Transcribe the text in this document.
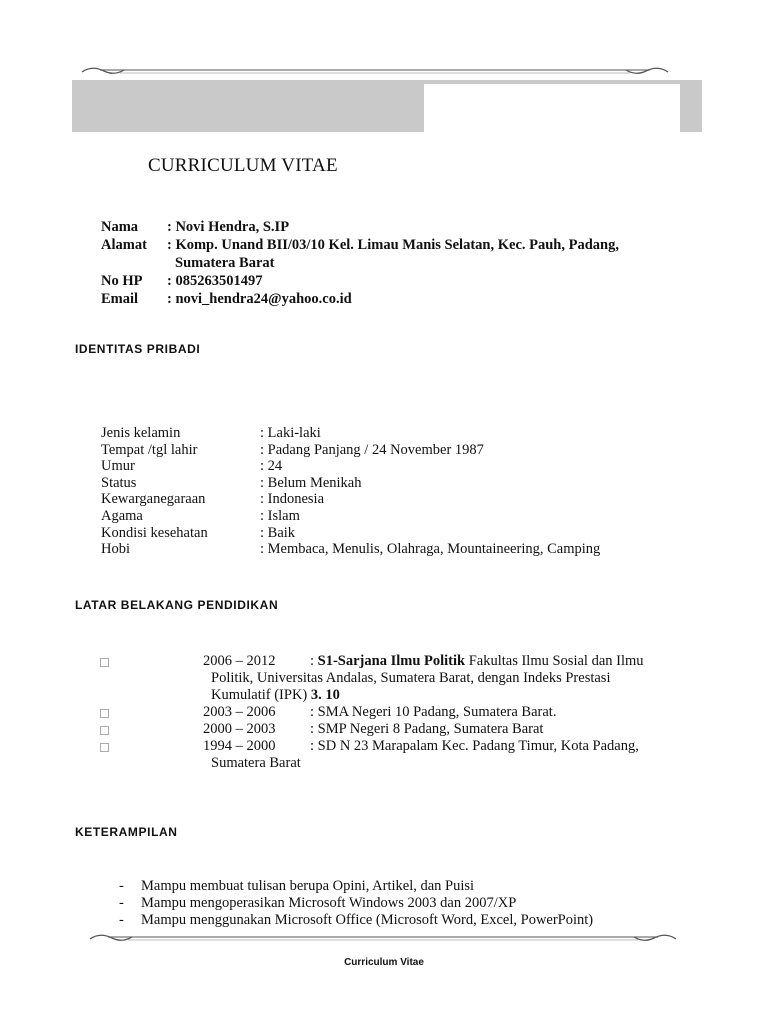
CURRICULUM VITAE
Nama	: Novi Hendra, S.IP
Alamat	: Komp. Unand BII/03/10 Kel. Limau Manis Selatan, Kec. Pauh, Padang,
Sumatera Barat
No HP	: 085263501497
Email	: novi_hendra24@yahoo.co.id
IDENTITAS PRIBADI
Jenis kelamin	: Laki-laki
Tempat /tgl lahir	: Padang Panjang / 24 November 1987
Umur	: 24
Status	: Belum Menikah
Kewarganegaraan	: Indonesia
Agama	: Islam
Kondisi kesehatan	: Baik
Hobi	: Membaca, Menulis, Olahraga, Mountaineering, Camping
LATAR BELAKANG PENDIDIKAN
2006 – 2012	: S1-Sarjana Ilmu Politik Fakultas Ilmu Sosial dan Ilmu
Politik, Universitas Andalas, Sumatera Barat, dengan Indeks Prestasi
Kumulatif (IPK) 3. 10
2003 – 2006	: SMA Negeri 10 Padang, Sumatera Barat.
2000 – 2003	: SMP Negeri 8 Padang, Sumatera Barat
1994 – 2000	: SD N 23 Marapalam Kec. Padang Timur, Kota Padang,
Sumatera Barat
KETERAMPILAN
-	Mampu membuat tulisan berupa Opini, Artikel, dan Puisi
-	Mampu mengoperasikan Microsoft Windows 2003 dan 2007/XP
-	Mampu menggunakan Microsoft Office (Microsoft Word, Excel, PowerPoint)
Curriculum Vitae
